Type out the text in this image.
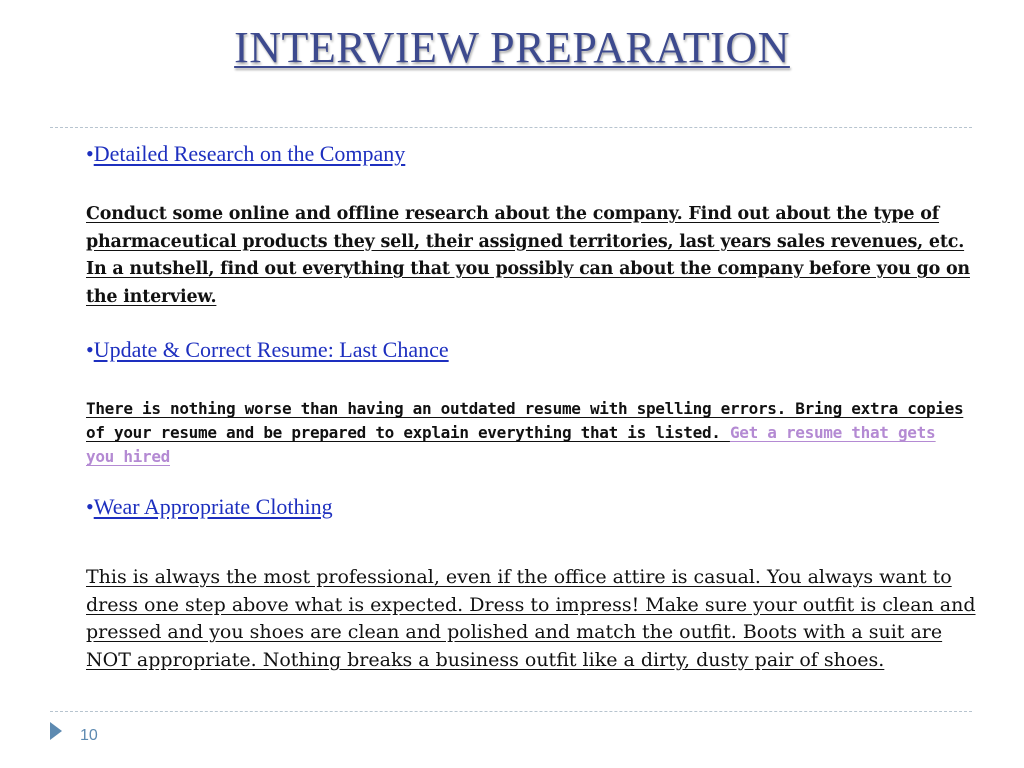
INTERVIEW PREPARATION
•Detailed Research on the Company
Conduct some online and offline research about the company. Find out about the type of pharmaceutical products they sell, their assigned territories, last years sales revenues, etc. In a nutshell, find out everything that you possibly can about the company before you go on the interview.
•Update & Correct Resume: Last Chance
There is nothing worse than having an outdated resume with spelling errors. Bring extra copies of your resume and be prepared to explain everything that is listed. Get a resume that gets you hired
•Wear Appropriate Clothing
This is always the most professional, even if the office attire is casual. You always want to dress one step above what is expected. Dress to impress! Make sure your outfit is clean and pressed and you shoes are clean and polished and match the outfit. Boots with a suit are NOT appropriate. Nothing breaks a business outfit like a dirty, dusty pair of shoes.
10
